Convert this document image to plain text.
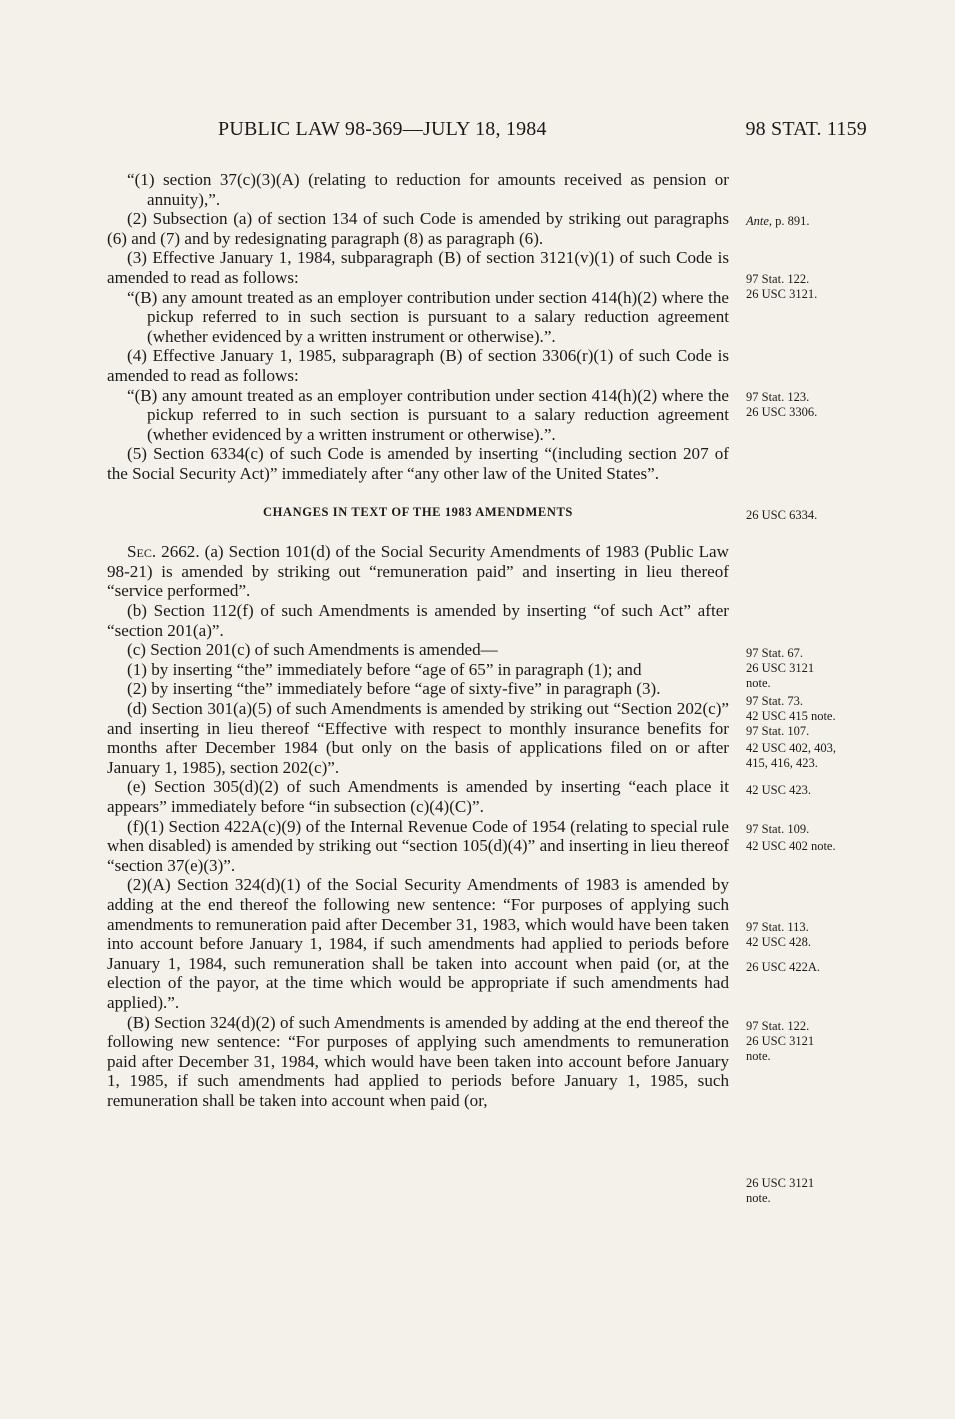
PUBLIC LAW 98-369—JULY 18, 1984	98 STAT. 1159

“(1) section 37(c)(3)(A) (relating to reduction for amounts received as pension or annuity),”.

(2) Subsection (a) of section 134 of such Code is amended by striking out paragraphs (6) and (7) and by redesignating paragraph (8) as paragraph (6).

(3) Effective January 1, 1984, subparagraph (B) of section 3121(v)(1) of such Code is amended to read as follows:

“(B) any amount treated as an employer contribution under section 414(h)(2) where the pickup referred to in such section is pursuant to a salary reduction agreement (whether evidenced by a written instrument or otherwise).”.

(4) Effective January 1, 1985, subparagraph (B) of section 3306(r)(1) of such Code is amended to read as follows:

“(B) any amount treated as an employer contribution under section 414(h)(2) where the pickup referred to in such section is pursuant to a salary reduction agreement (whether evidenced by a written instrument or otherwise).”.

(5) Section 6334(c) of such Code is amended by inserting “(including section 207 of the Social Security Act)” immediately after “any other law of the United States”.

CHANGES IN TEXT OF THE 1983 AMENDMENTS

Sec. 2662. (a) Section 101(d) of the Social Security Amendments of 1983 (Public Law 98-21) is amended by striking out “remuneration paid” and inserting in lieu thereof “service performed”.

(b) Section 112(f) of such Amendments is amended by inserting “of such Act” after “section 201(a)”.

(c) Section 201(c) of such Amendments is amended—

(1) by inserting “the” immediately before “age of 65” in paragraph (1); and

(2) by inserting “the” immediately before “age of sixty-five” in paragraph (3).

(d) Section 301(a)(5) of such Amendments is amended by striking out “Section 202(c)” and inserting in lieu thereof “Effective with respect to monthly insurance benefits for months after December 1984 (but only on the basis of applications filed on or after January 1, 1985), section 202(c)”.

(e) Section 305(d)(2) of such Amendments is amended by inserting “each place it appears” immediately before “in subsection (c)(4)(C)”.

(f)(1) Section 422A(c)(9) of the Internal Revenue Code of 1954 (relating to special rule when disabled) is amended by striking out “section 105(d)(4)” and inserting in lieu thereof “section 37(e)(3)”.

(2)(A) Section 324(d)(1) of the Social Security Amendments of 1983 is amended by adding at the end thereof the following new sentence: “For purposes of applying such amendments to remuneration paid after December 31, 1983, which would have been taken into account before January 1, 1984, if such amendments had applied to periods before January 1, 1984, such remuneration shall be taken into account when paid (or, at the election of the payor, at the time which would be appropriate if such amendments had applied).”.

(B) Section 324(d)(2) of such Amendments is amended by adding at the end thereof the following new sentence: “For purposes of applying such amendments to remuneration paid after December 31, 1984, which would have been taken into account before January 1, 1985, if such amendments had applied to periods before January 1, 1985, such remuneration shall be taken into account when paid (or,

Ante, p. 891.
97 Stat. 122.
26 USC 3121.
97 Stat. 123.
26 USC 3306.
26 USC 6334.
97 Stat. 67.
26 USC 3121
note.
97 Stat. 73.
42 USC 415 note.
97 Stat. 107.
42 USC 402, 403,
415, 416, 423.
42 USC 423.
97 Stat. 109.
42 USC 402 note.
97 Stat. 113.
42 USC 428.
26 USC 422A.
97 Stat. 122.
26 USC 3121
note.
26 USC 3121
note.
